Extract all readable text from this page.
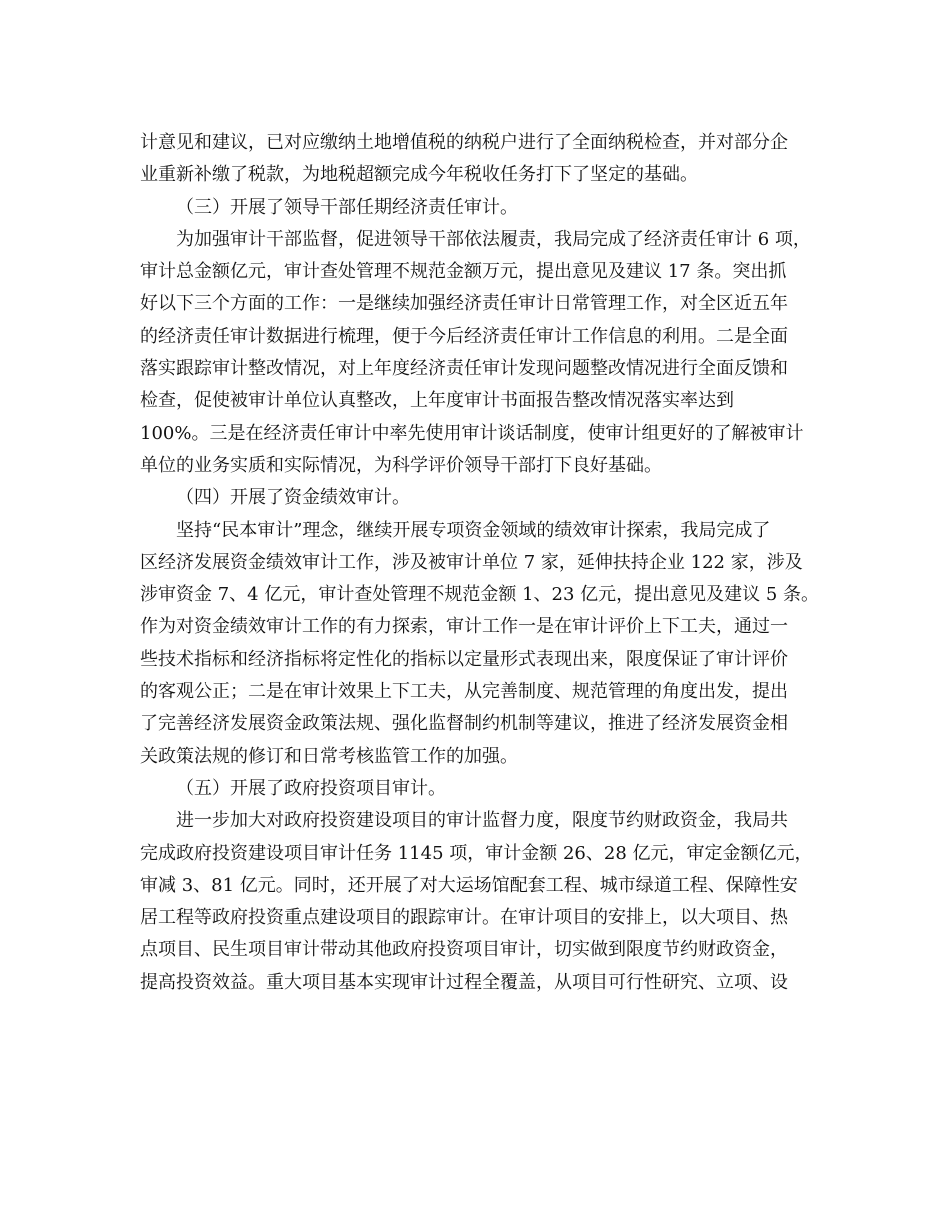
计意见和建议，已对应缴纳土地增值税的纳税户进行了全面纳税检查，并对部分企
业重新补缴了税款，为地税超额完成今年税收任务打下了坚定的基础。
（三）开展了领导干部任期经济责任审计。
为加强审计干部监督，促进领导干部依法履责，我局完成了经济责任审计 6 项，
审计总金额亿元，审计查处管理不规范金额万元，提出意见及建议 17 条。突出抓
好以下三个方面的工作：一是继续加强经济责任审计日常管理工作，对全区近五年
的经济责任审计数据进行梳理，便于今后经济责任审计工作信息的利用。二是全面
落实跟踪审计整改情况，对上年度经济责任审计发现问题整改情况进行全面反馈和
检查，促使被审计单位认真整改，上年度审计书面报告整改情况落实率达到
100%。三是在经济责任审计中率先使用审计谈话制度，使审计组更好的了解被审计
单位的业务实质和实际情况，为科学评价领导干部打下良好基础。
（四）开展了资金绩效审计。
坚持“民本审计”理念，继续开展专项资金领域的绩效审计探索，我局完成了
区经济发展资金绩效审计工作，涉及被审计单位 7 家，延伸扶持企业 122 家，涉及
涉审资金 7、4 亿元，审计查处管理不规范金额 1、23 亿元，提出意见及建议 5 条。
作为对资金绩效审计工作的有力探索，审计工作一是在审计评价上下工夫，通过一
些技术指标和经济指标将定性化的指标以定量形式表现出来，限度保证了审计评价
的客观公正；二是在审计效果上下工夫，从完善制度、规范管理的角度出发，提出
了完善经济发展资金政策法规、强化监督制约机制等建议，推进了经济发展资金相
关政策法规的修订和日常考核监管工作的加强。
（五）开展了政府投资项目审计。
进一步加大对政府投资建设项目的审计监督力度，限度节约财政资金，我局共
完成政府投资建设项目审计任务 1145 项，审计金额 26、28 亿元，审定金额亿元，
审减 3、81 亿元。同时，还开展了对大运场馆配套工程、城市绿道工程、保障性安
居工程等政府投资重点建设项目的跟踪审计。在审计项目的安排上，以大项目、热
点项目、民生项目审计带动其他政府投资项目审计，切实做到限度节约财政资金，
提高投资效益。重大项目基本实现审计过程全覆盖，从项目可行性研究、立项、设
